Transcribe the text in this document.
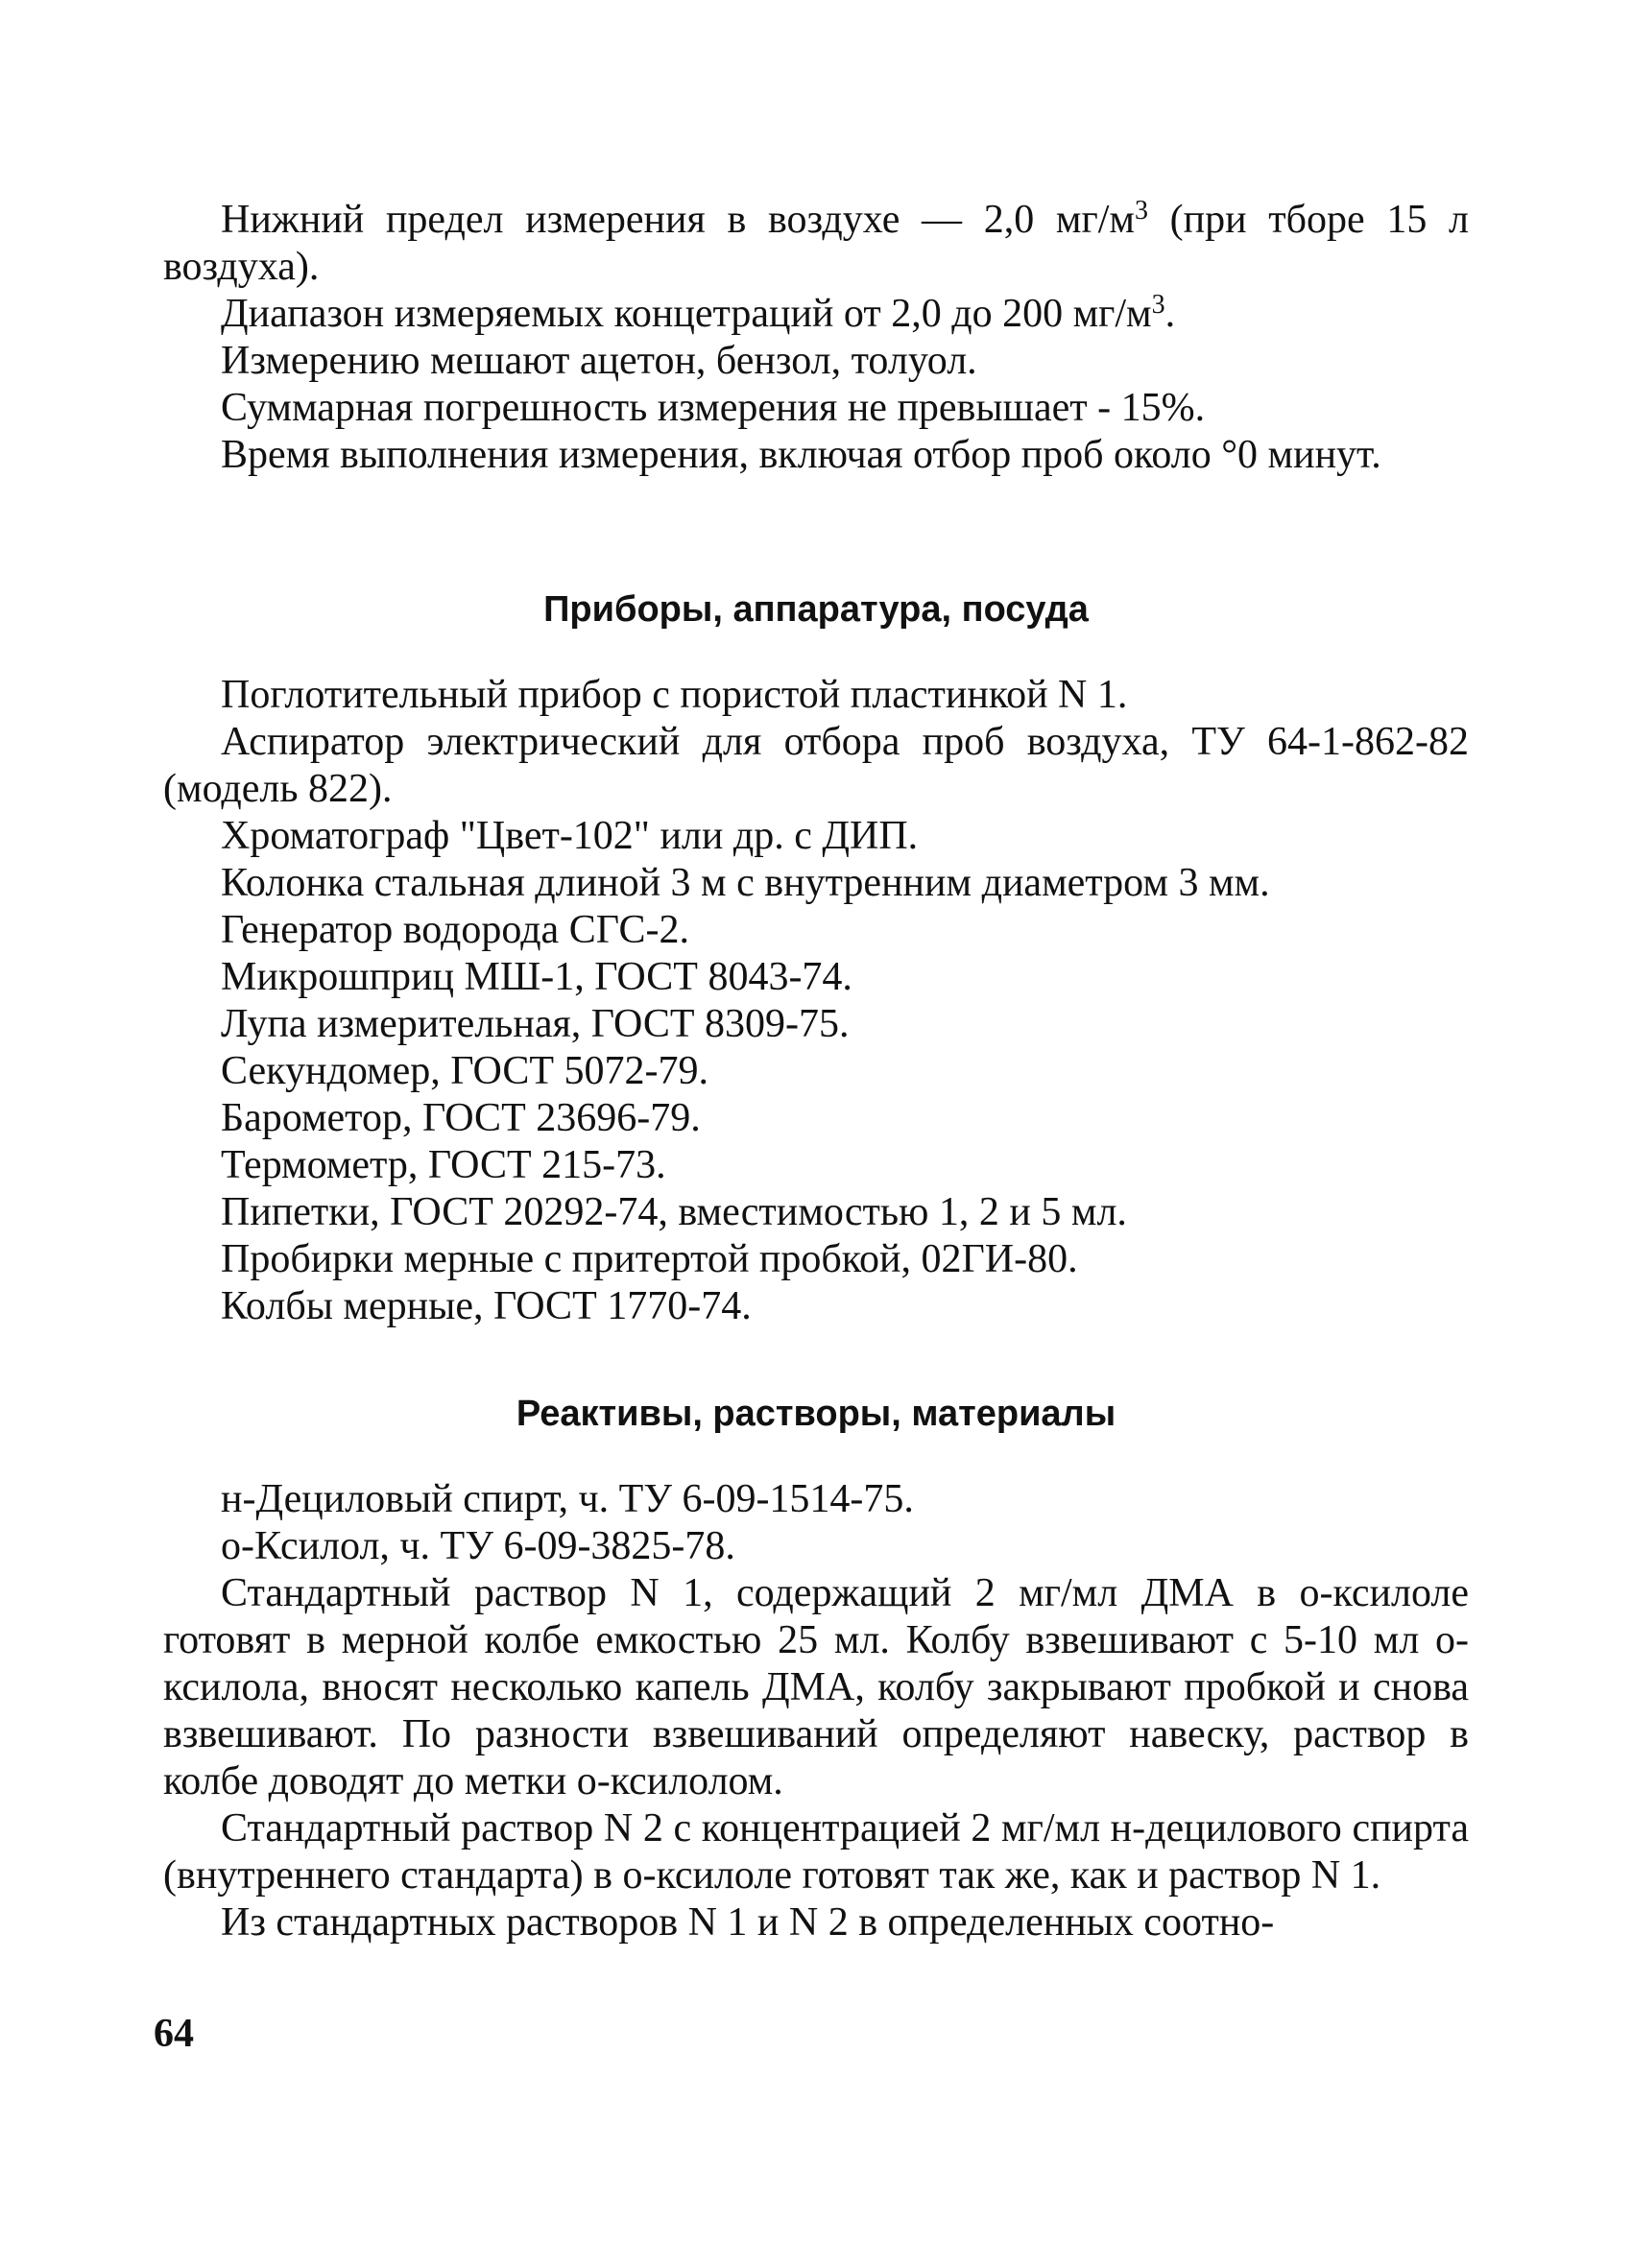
Нижний предел измерения в воздухе — 2,0 $мг/м^3$ (при тборе 15 л воздуха).

Диапазон измеряемых концетраций от 2,0 до 200 $мг/м^3$.

Измерению мешают ацетон, бензол, толуол.

Суммарная погрешность измерения не превышает ‐ 15%.

Время выполнения измерения, включая отбор проб около °0 минут.

Приборы, аппаратура, посуда

Поглотительный прибор с пористой пластинкой N 1.

Аспиратор электрический для отбора проб воздуха, ТУ 64-1-862-82 (модель 822).

Хроматограф "Цвет-102" или др. с ДИП.

Колонка стальная длиной 3 м с внутренним диаметром 3 мм.

Генератор водорода СГС-2.

Микрошприц МШ-1, ГОСТ 8043-74.

Лупа измерительная, ГОСТ 8309-75.

Секундомер, ГОСТ 5072-79.

Барометор, ГОСТ 23696-79.

Термометр, ГОСТ 215-73.

Пипетки, ГОСТ 20292-74, вместимостью 1, 2 и 5 мл.

Пробирки мерные с притертой пробкой, 02ГИ-80.

Колбы мерные, ГОСТ 1770-74.

Реактивы, растворы, материалы

н-Дециловый спирт, ч. ТУ 6-09-1514-75.

о-Ксилол, ч. ТУ 6-09-3825-78.

Стандартный раствор N 1, содержащий 2 мг/мл ДМА в о-ксилоле готовят в мерной колбе емкостью 25 мл. Колбу взвешивают с 5-10 мл о-ксилола, вносят несколько капель ДМА, колбу закрывают пробкой и снова взвешивают. По разности взвешиваний определяют навеску, раствор в колбе доводят до метки о-ксилолом.

Стандартный раствор N 2 с концентрацией 2 мг/мл н-децилового спирта (внутреннего стандарта) в о-ксилоле готовят так же, как и раствор N 1.

Из стандартных растворов N 1 и N 2 в определенных соотно-

64
